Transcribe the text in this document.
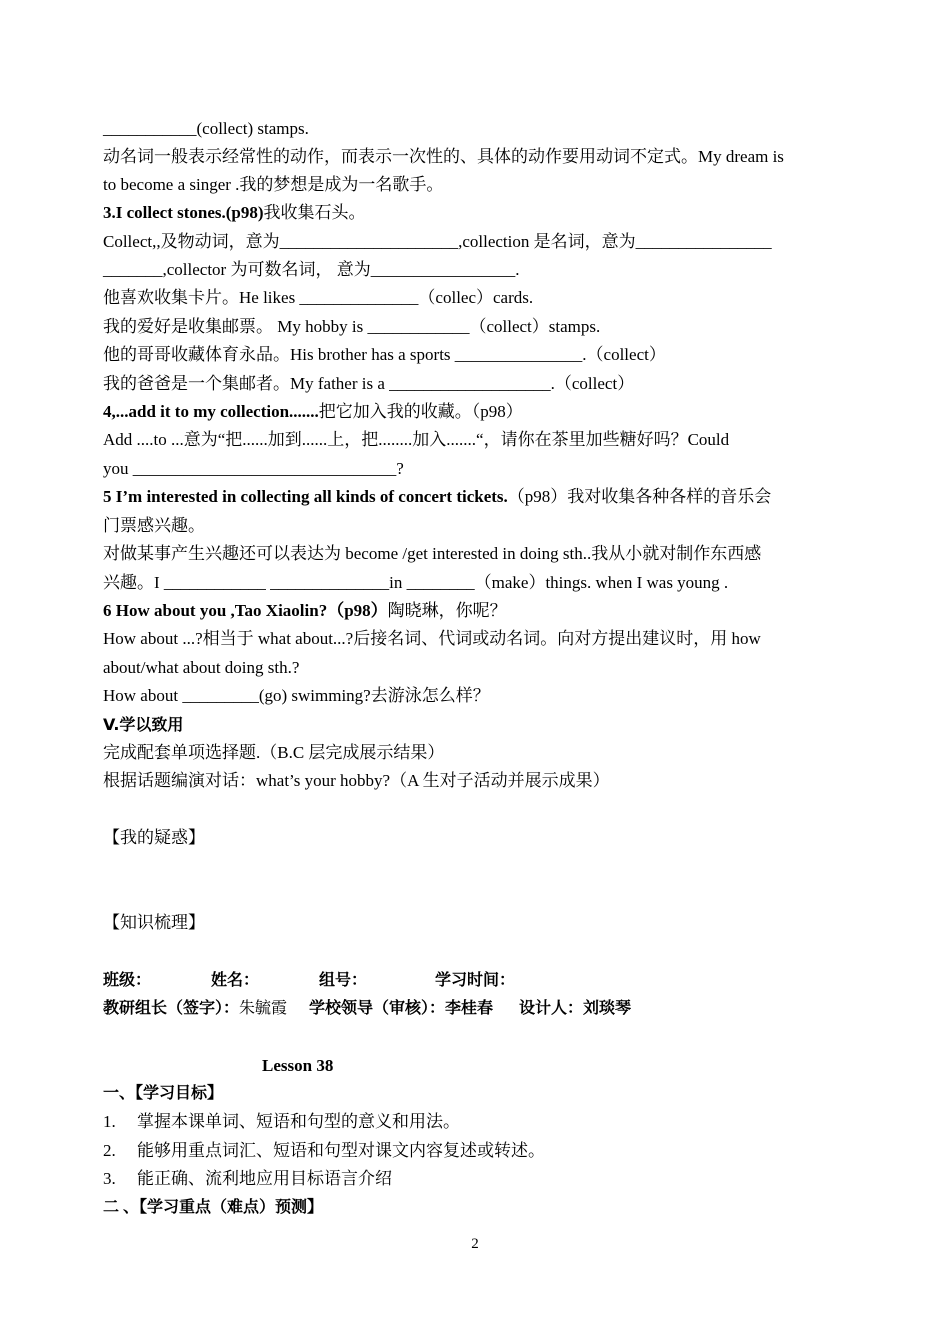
___________(collect) stamps.
动名词一般表示经常性的动作，而表示一次性的、具体的动作要用动词不定式。My dream is
to become a singer .我的梦想是成为一名歌手。
3.I collect stones.(p98)我收集石头。
Collect,,及物动词，意为_____________________,collection 是名词，意为________________
_______,collector 为可数名词， 意为_________________.
他喜欢收集卡片。He likes ______________（collec）cards.
我的爱好是收集邮票。 My hobby is ____________（collect）stamps.
他的哥哥收藏体育永品。His brother has a sports _______________.（collect）
我的爸爸是一个集邮者。My father is a ___________________.（collect）
4,...add it to my collection.......把它加入我的收藏。（p98）
Add ....to ...意为“把......加到......上，把........加入.......“，请你在茶里加些糖好吗？Could
you _______________________________?
5 I’m interested in collecting all kinds of concert tickets.（p98）我对收集各种各样的音乐会
门票感兴趣。
对做某事产生兴趣还可以表达为 become /get interested in doing sth..我从小就对制作东西感
兴趣。I ____________ ______________in ________（make）things. when I was young .
6 How about you ,Tao Xiaolin?（p98）陶晓琳，你呢？
How about ...?相当于 what about...?后接名词、代词或动名词。向对方提出建议时，用 how
about/what about doing sth.?
How about _________(go) swimming?去游泳怎么样？
V.学以致用
完成配套单项选择题.（B.C 层完成展示结果）
根据话题编演对话：what’s your hobby?（A 生对子活动并展示成果）
【我的疑惑】
【知识梳理】
班级：	姓名：	组号：	学习时间：
教研组长（签字）：朱毓霞 学校领导（审核）：李桂春 设计人：刘琰琴
Lesson 38
一、【学习目标】
1. 掌握本课单词、短语和句型的意义和用法。
2. 能够用重点词汇、短语和句型对课文内容复述或转述。
3. 能正确、流利地应用目标语言介绍
二 、【学习重点（难点）预测】
2
